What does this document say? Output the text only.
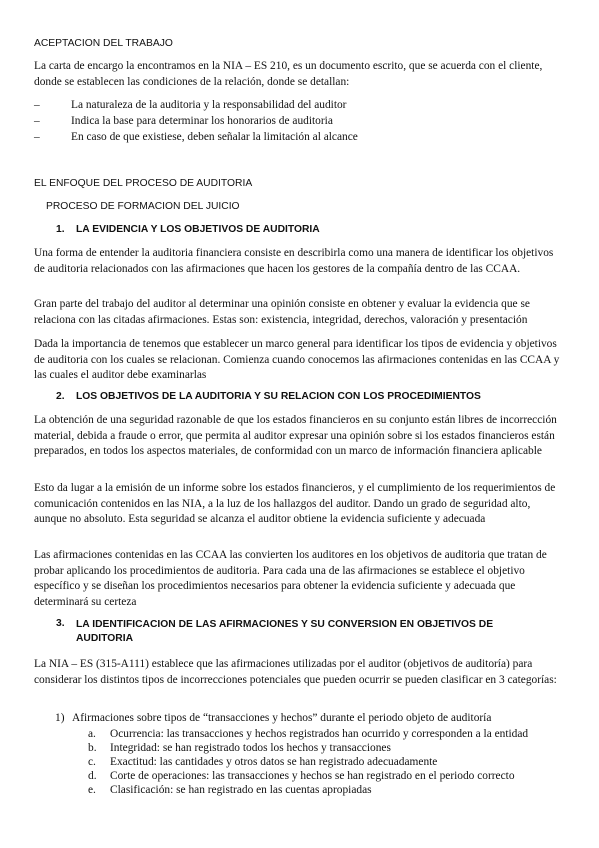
ACEPTACION DEL TRABAJO
La carta de encargo la encontramos en la NIA – ES 210, es un documento escrito, que se acuerda con el cliente, donde se establecen las condiciones de la relación, donde se detallan:
–	La naturaleza de la auditoria y la responsabilidad del auditor
–	Indica la base para determinar los honorarios de auditoria
–	En caso de que existiese, deben señalar la limitación al alcance
EL ENFOQUE DEL PROCESO DE AUDITORIA
PROCESO DE FORMACION DEL JUICIO
1. LA EVIDENCIA Y LOS OBJETIVOS DE AUDITORIA
Una forma de entender la auditoria financiera consiste en describirla como una manera de identificar los objetivos de auditoria relacionados con las afirmaciones que hacen los gestores de la compañía dentro de las CCAA.
Gran parte del trabajo del auditor al determinar una opinión consiste en obtener y evaluar la evidencia que se relaciona con las citadas afirmaciones. Estas son: existencia, integridad, derechos, valoración y presentación
Dada la importancia de tenemos que establecer un marco general para identificar los tipos de evidencia y objetivos de auditoria con los cuales se relacionan. Comienza cuando conocemos las afirmaciones contenidas en las CCAA y las cuales el auditor debe examinarlas
2. LOS OBJETIVOS DE LA AUDITORIA Y SU RELACION CON LOS PROCEDIMIENTOS
La obtención de una seguridad razonable de que los estados financieros en su conjunto están libres de incorrección material, debida a fraude o error, que permita al auditor expresar una opinión sobre si los estados financieros están preparados, en todos los aspectos materiales, de conformidad con un marco de información financiera aplicable
Esto da lugar a la emisión de un informe sobre los estados financieros, y el cumplimiento de los requerimientos de comunicación contenidos en las NIA, a la luz de los hallazgos del auditor. Dando un grado de seguridad alto, aunque no absoluto. Esta seguridad se alcanza el auditor obtiene la evidencia suficiente y adecuada
Las afirmaciones contenidas en las CCAA las convierten los auditores en los objetivos de auditoria que tratan de probar aplicando los procedimientos de auditoria. Para cada una de las afirmaciones se establece el objetivo específico y se diseñan los procedimientos necesarios para obtener la evidencia suficiente y adecuada que determinará su certeza
3. LA IDENTIFICACION DE LAS AFIRMACIONES Y SU CONVERSION EN OBJETIVOS DE AUDITORIA
La NIA – ES (315-A111) establece que las afirmaciones utilizadas por el auditor (objetivos de auditoría) para considerar los distintos tipos de incorrecciones potenciales que pueden ocurrir se pueden clasificar en 3 categorías:
1) Afirmaciones sobre tipos de “transacciones y hechos” durante el periodo objeto de auditoría
a. Ocurrencia: las transacciones y hechos registrados han ocurrido y corresponden a la entidad
b. Integridad: se han registrado todos los hechos y transacciones
c. Exactitud: las cantidades y otros datos se han registrado adecuadamente
d. Corte de operaciones: las transacciones y hechos se han registrado en el periodo correcto
e. Clasificación: se han registrado en las cuentas apropiadas
